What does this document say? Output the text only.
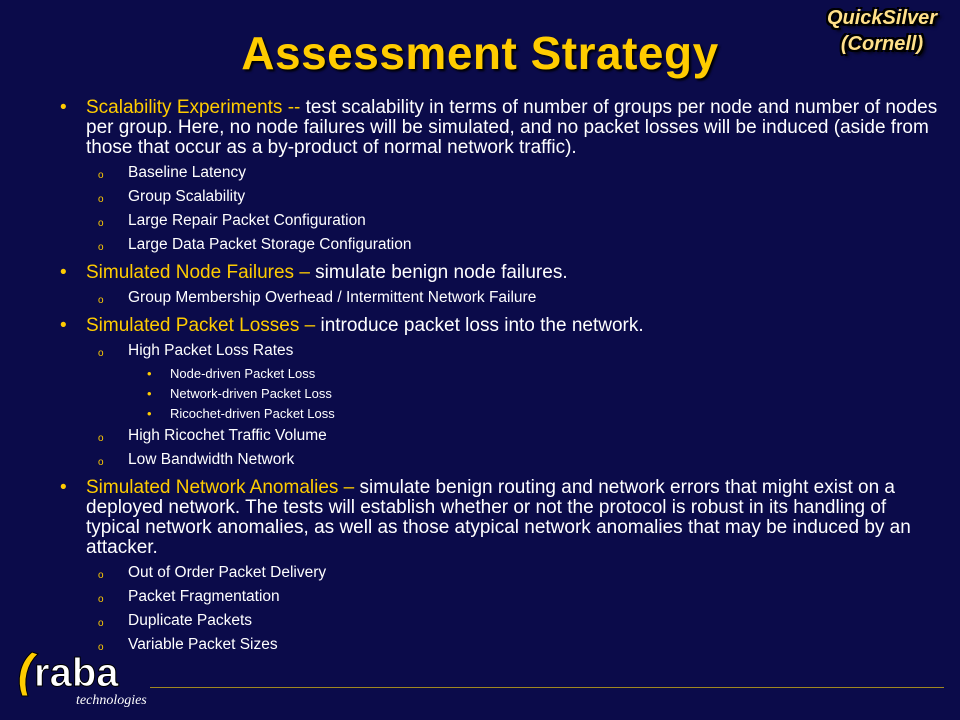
Assessment Strategy
QuickSilver
(Cornell)
• Scalability Experiments -- test scalability in terms of number of groups per node and number of nodes per group. Here, no node failures will be simulated, and no packet losses will be induced (aside from those that occur as a by-product of normal network traffic).
o Baseline Latency
o Group Scalability
o Large Repair Packet Configuration
o Large Data Packet Storage Configuration
• Simulated Node Failures – simulate benign node failures.
o Group Membership Overhead / Intermittent Network Failure
• Simulated Packet Losses – introduce packet loss into the network.
o High Packet Loss Rates
• Node-driven Packet Loss
• Network-driven Packet Loss
• Ricochet-driven Packet Loss
o High Ricochet Traffic Volume
o Low Bandwidth Network
• Simulated Network Anomalies – simulate benign routing and network errors that might exist on a deployed network. The tests will establish whether or not the protocol is robust in its handling of typical network anomalies, as well as those atypical network anomalies that may be induced by an attacker.
o Out of Order Packet Delivery
o Packet Fragmentation
o Duplicate Packets
o Variable Packet Sizes
raba
technologies
